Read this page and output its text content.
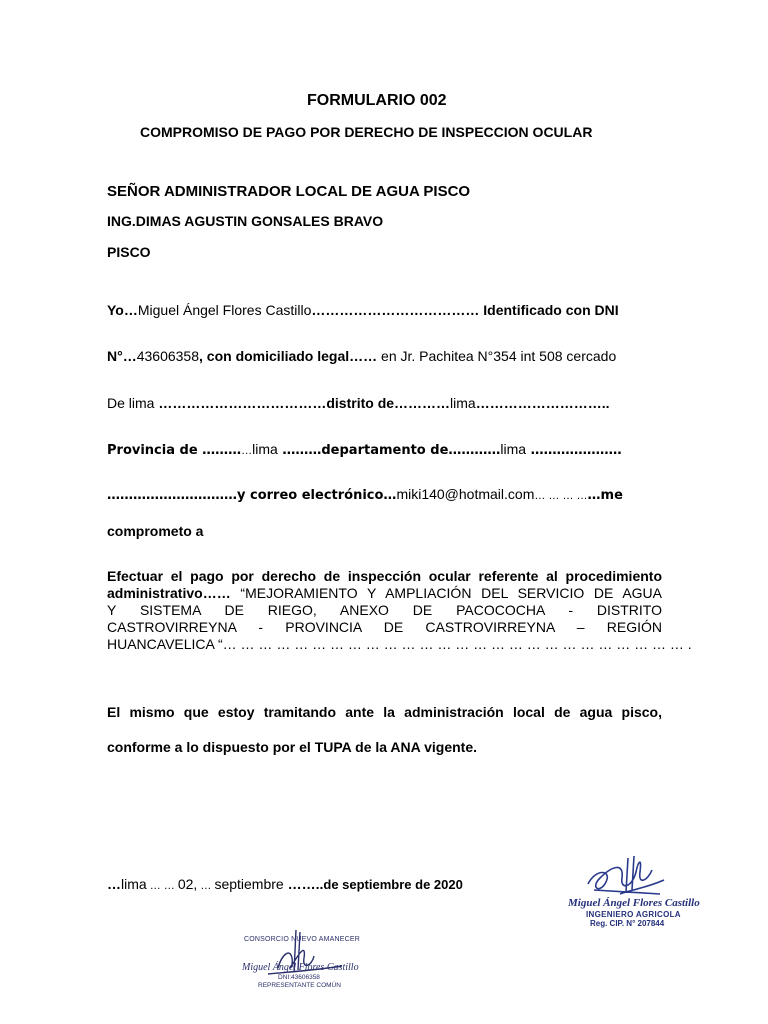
FORMULARIO 002
COMPROMISO DE PAGO POR DERECHO DE INSPECCION OCULAR
SEÑOR ADMINISTRADOR LOCAL DE AGUA PISCO
ING.DIMAS AGUSTIN GONSALES BRAVO
PISCO
Yo…Miguel Ángel Flores Castillo……………………………… Identificado con DNI
N°…43606358, con domiciliado legal…… en Jr. Pachitea N°354 int 508 cercado
De lima ………………………………distrito de…………lima………………………..
Provincia de …………lima ………departamento de…………lima …………………
…………………………y correo electrónico…miki140@hotmail.com… … … ……me
comprometo a
Efectuar el pago por derecho de inspección ocular referente al procedimiento
administrativo…… “MEJORAMIENTO Y AMPLIACIÓN DEL SERVICIO DE AGUA
Y SISTEMA DE RIEGO, ANEXO DE PACOCOCHA - DISTRITO
CASTROVIRREYNA - PROVINCIA DE CASTROVIRREYNA – REGIÓN
HUANCAVELICA “… … … … … … … … … … … … … … … … … … … … … … … … … … .
El mismo que estoy tramitando ante la administración local de agua pisco,
conforme a lo dispuesto por el TUPA de la ANA vigente.
…lima … … 02, … septiembre ……..de septiembre de 2020
Miguel Ángel Flores Castillo
INGENIERO AGRICOLA
Reg. CIP. N° 207844
CONSORCIO NUEVO AMANECER
Miguel Ángel Flores Castillo
DNI:43606358
REPRESENTANTE COMÚN
